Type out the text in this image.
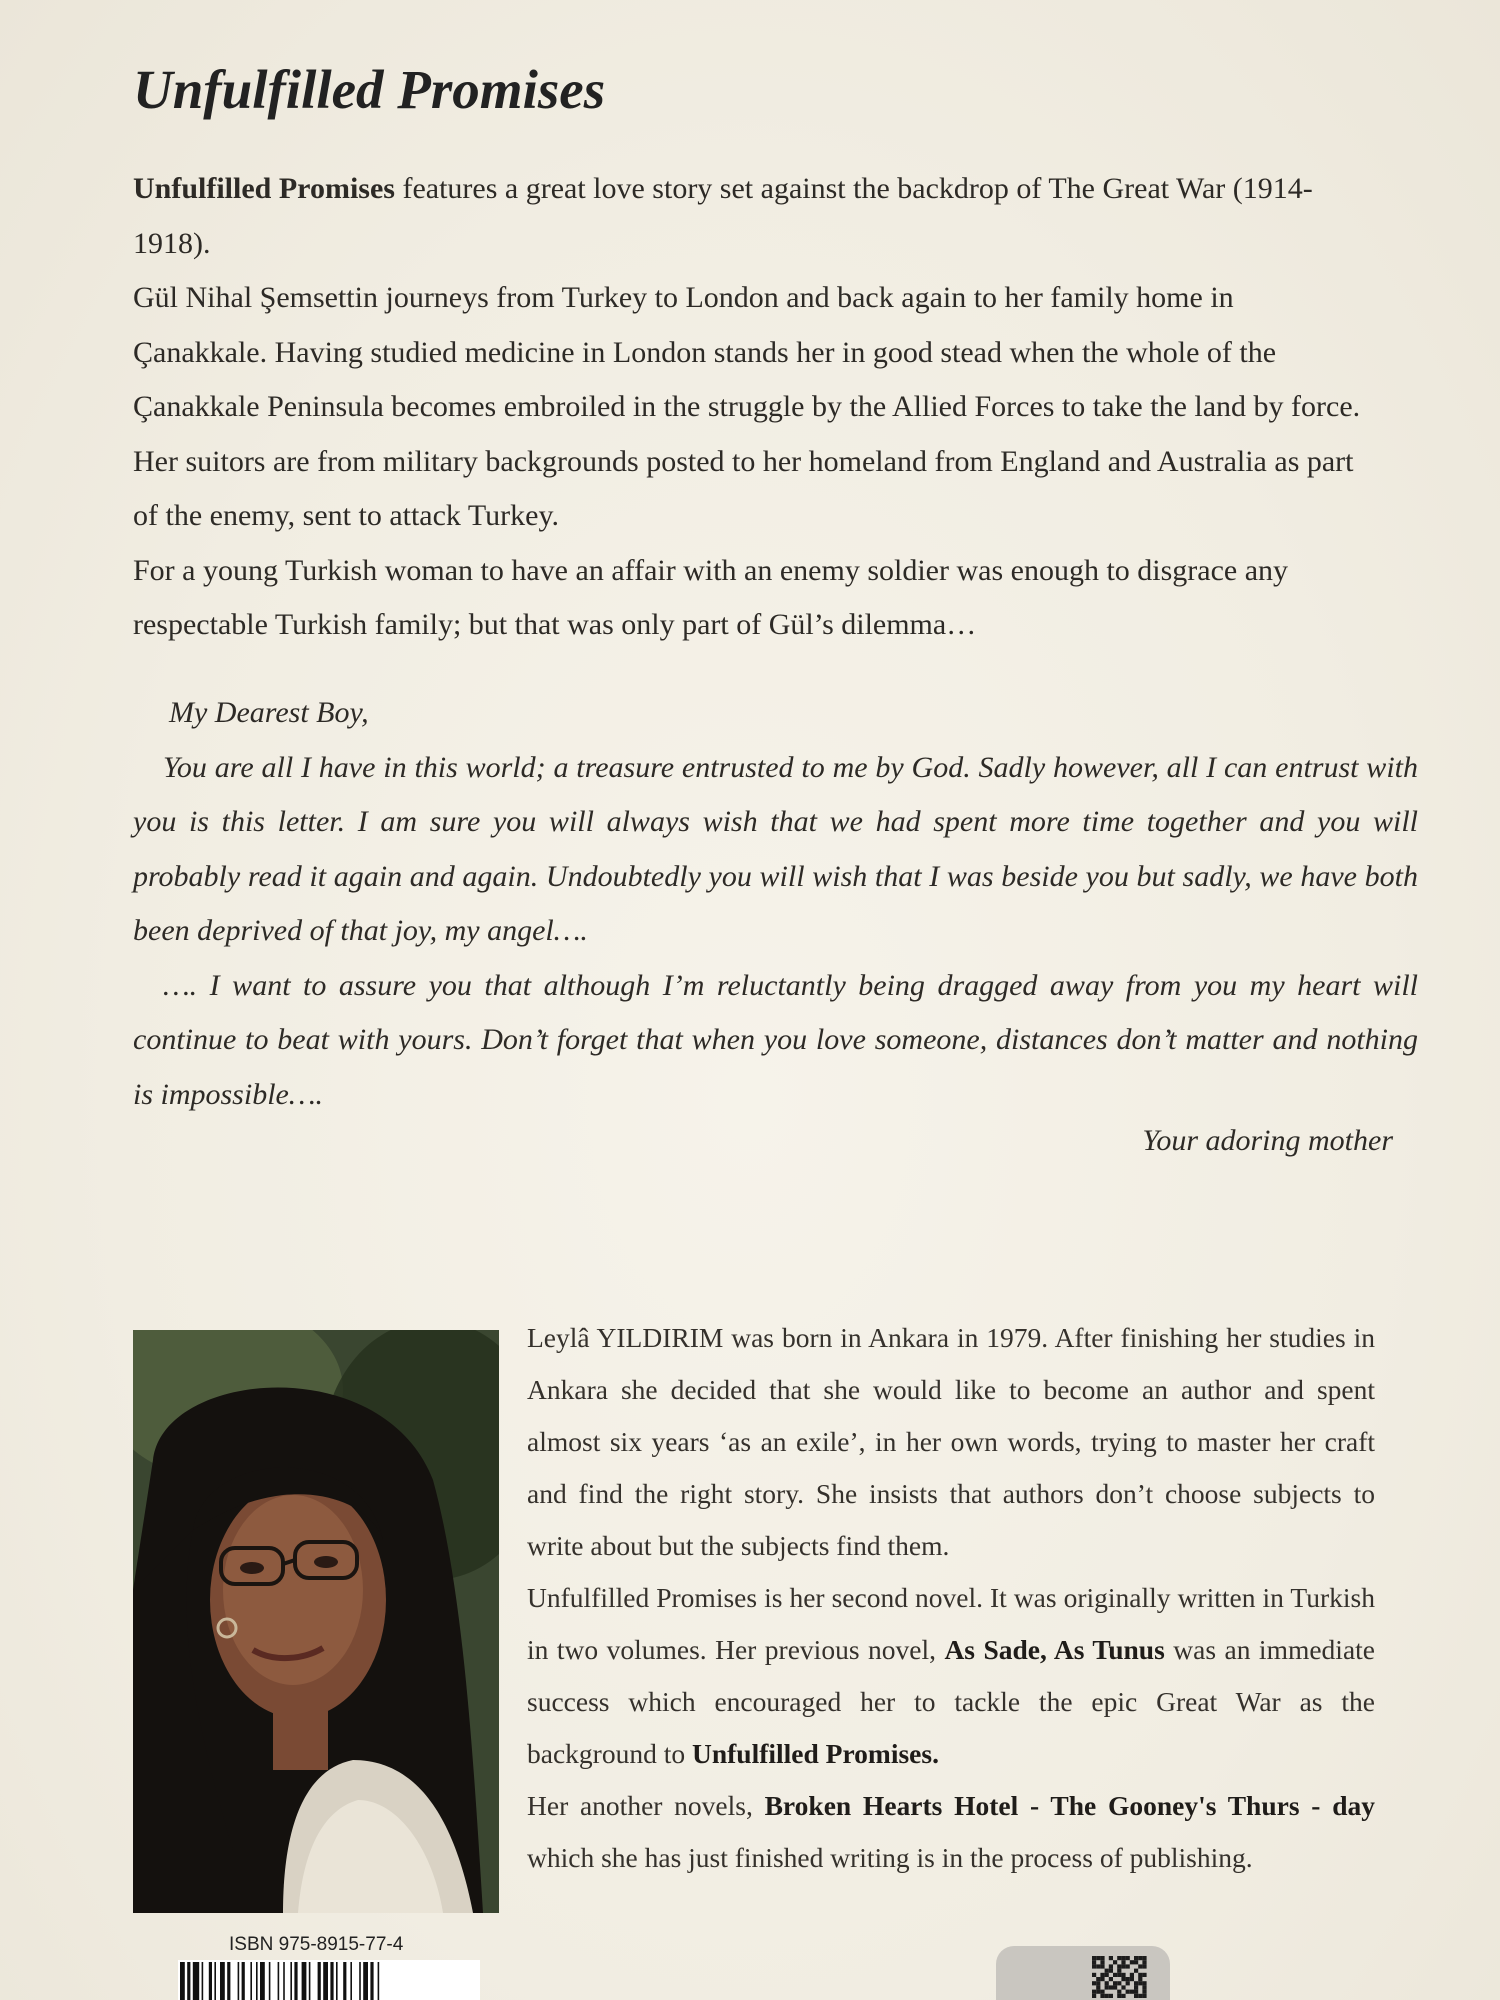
Unfulfilled Promises

Unfulfilled Promises features a great love story set against the backdrop of The Great War (1914-1918).

Gül Nihal Şemsettin journeys from Turkey to London and back again to her family home in Çanakkale. Having studied medicine in London stands her in good stead when the whole of the Çanakkale Peninsula becomes embroiled in the struggle by the Allied Forces to take the land by force. Her suitors are from military backgrounds posted to her homeland from England and Australia as part of the enemy, sent to attack Turkey.

For a young Turkish woman to have an affair with an enemy soldier was enough to disgrace any respectable Turkish family; but that was only part of Gül’s dilemma…

My Dearest Boy,

You are all I have in this world; a treasure entrusted to me by God. Sadly however, all I can entrust with you is this letter. I am sure you will always wish that we had spent more time together and you will probably read it again and again. Undoubtedly you will wish that I was beside you but sadly, we have both been deprived of that joy, my angel….

…. I want to assure you that although I’m reluctantly being dragged away from you my heart will continue to beat with yours. Don’t forget that when you love someone, distances don’t matter and nothing is impossible….

Your adoring mother

Leylâ YILDIRIM was born in Ankara in 1979. After finishing her studies in Ankara she decided that she would like to become an author and spent almost six years ‘as an exile’, in her own words, trying to master her craft and find the right story. She insists that authors don’t choose subjects to write about but the subjects find them.

Unfulfilled Promises is her second novel. It was originally written in Turkish in two volumes. Her previous novel, As Sade, As Tunus was an immediate success which encouraged her to tackle the epic Great War as the background to Unfulfilled Promises.

Her another novels, Broken Hearts Hotel - The Gooney's Thurs - day which she has just finished writing is in the process of publishing.

ISBN 975-8915-77-4
